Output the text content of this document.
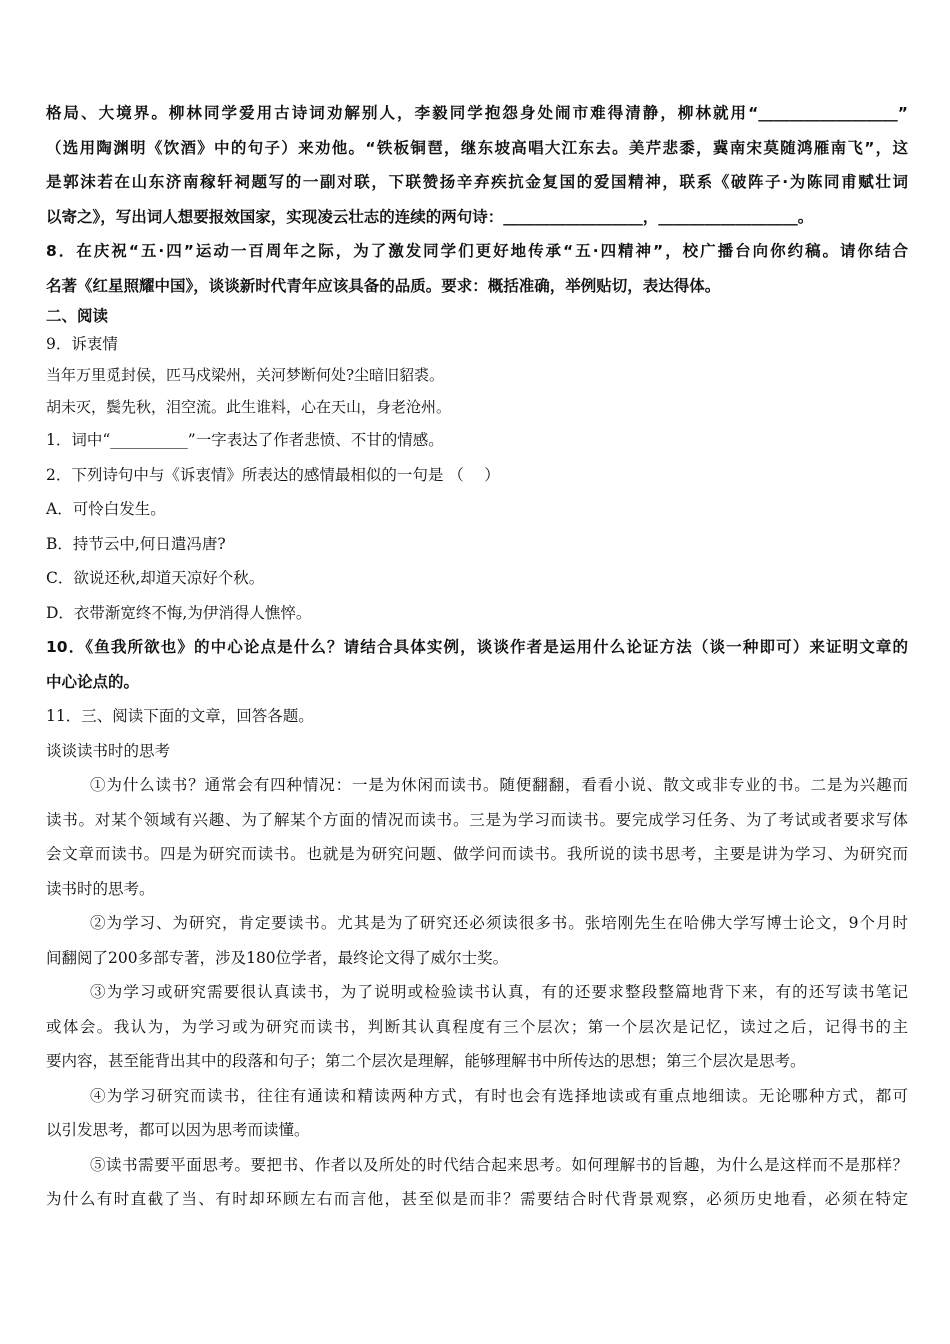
格局、大境界。柳林同学爱用古诗词劝解别人，李毅同学抱怨身处闹市难得清静，柳林就用“__________________”
（选用陶渊明《饮酒》中的句子）来劝他。“铁板铜琶，继东坡高唱大江东去。美芹悲黍，冀南宋莫随鸿雁南飞”，这
是郭沫若在山东济南稼轩祠题写的一副对联，下联赞扬辛弃疾抗金复国的爱国精神，联系《破阵子·为陈同甫赋壮词
以寄之》，写出词人想要报效国家，实现凌云壮志的连续的两句诗：__________________，__________________。
8．在庆祝“五·四”运动一百周年之际，为了激发同学们更好地传承“五·四精神”，校广播台向你约稿。请你结合
名著《红星照耀中国》，谈谈新时代青年应该具备的品质。要求：概括准确，举例贴切，表达得体。
二、阅读
9．诉衷情
当年万里觅封侯，匹马戍梁州，关河梦断何处?尘暗旧貂裘。
胡未灭，鬓先秋，泪空流。此生谁料，心在天山，身老沧州。
1．词中“__________”一字表达了作者悲愤、不甘的情感。
2．下列诗句中与《诉衷情》所表达的感情最相似的一句是 （　 ）
A．可怜白发生。
B．持节云中,何日遣冯唐?
C．欲说还秋,却道天凉好个秋。
D．衣带渐宽终不悔,为伊消得人憔悴。
10．《鱼我所欲也》的中心论点是什么？请结合具体实例，谈谈作者是运用什么论证方法（谈一种即可）来证明文章的
中心论点的。
11．三、阅读下面的文章，回答各题。
谈谈读书时的思考
①为什么读书？通常会有四种情况：一是为休闲而读书。随便翻翻，看看小说、散文或非专业的书。二是为兴趣而
读书。对某个领域有兴趣、为了解某个方面的情况而读书。三是为学习而读书。要完成学习任务、为了考试或者要求写体
会文章而读书。四是为研究而读书。也就是为研究问题、做学问而读书。我所说的读书思考，主要是讲为学习、为研究而
读书时的思考。
②为学习、为研究，肯定要读书。尤其是为了研究还必须读很多书。张培刚先生在哈佛大学写博士论文，9个月时
间翻阅了200多部专著，涉及180位学者，最终论文得了威尔士奖。
③为学习或研究需要很认真读书，为了说明或检验读书认真，有的还要求整段整篇地背下来，有的还写读书笔记
或体会。我认为，为学习或为研究而读书，判断其认真程度有三个层次；第一个层次是记忆，读过之后，记得书的主
要内容，甚至能背出其中的段落和句子；第二个层次是理解，能够理解书中所传达的思想；第三个层次是思考。
④为学习研究而读书，往往有通读和精读两种方式，有时也会有选择地读或有重点地细读。无论哪种方式，都可
以引发思考，都可以因为思考而读懂。
⑤读书需要平面思考。要把书、作者以及所处的时代结合起来思考。如何理解书的旨趣，为什么是这样而不是那样？
为什么有时直截了当、有时却环顾左右而言他，甚至似是而非？需要结合时代背景观察，必须历史地看，必须在特定
